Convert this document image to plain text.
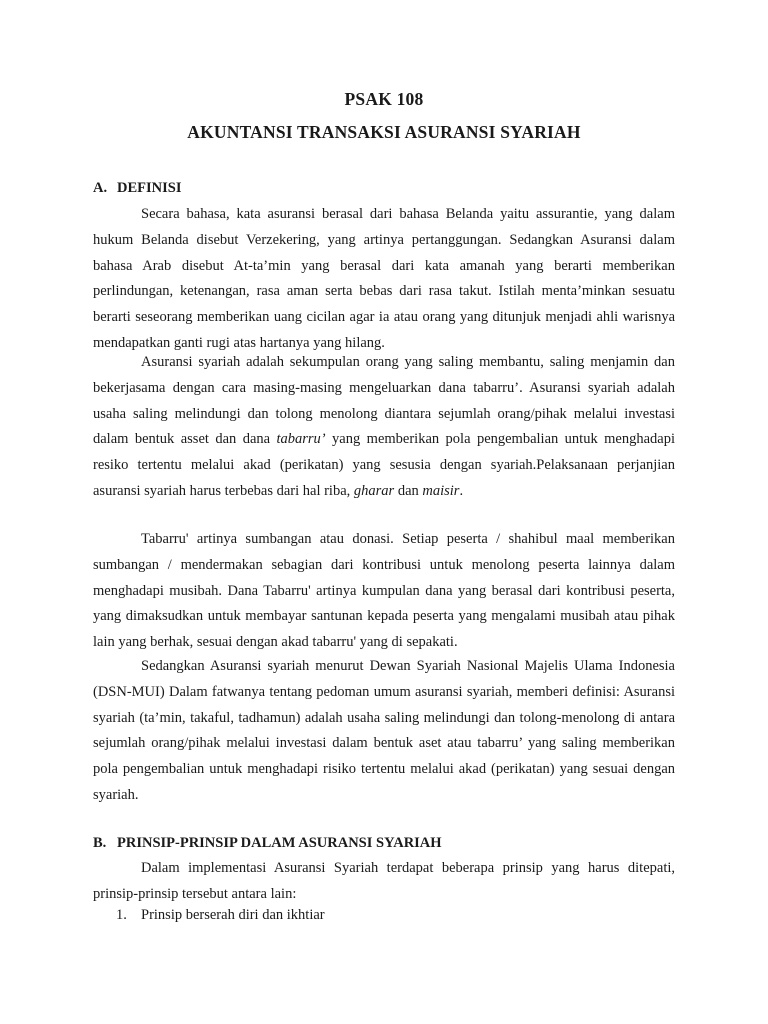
PSAK 108
AKUNTANSI TRANSAKSI ASURANSI SYARIAH
A. DEFINISI

Secara bahasa, kata asuransi berasal dari bahasa Belanda yaitu assurantie, yang dalam hukum Belanda disebut Verzekering, yang artinya pertanggungan. Sedangkan Asuransi dalam bahasa Arab disebut At-ta’min yang berasal dari kata amanah yang berarti memberikan perlindungan, ketenangan, rasa aman serta bebas dari rasa takut. Istilah menta’minkan sesuatu berarti seseorang memberikan uang cicilan agar ia atau orang yang ditunjuk menjadi ahli warisnya mendapatkan ganti rugi atas hartanya yang hilang.

Asuransi syariah adalah sekumpulan orang yang saling membantu, saling menjamin dan bekerjasama dengan cara masing-masing mengeluarkan dana tabarru’. Asuransi syariah adalah usaha saling melindungi dan tolong menolong diantara sejumlah orang/pihak melalui investasi dalam bentuk asset dan dana tabarru’ yang memberikan pola pengembalian untuk menghadapi resiko tertentu melalui akad (perikatan) yang sesusia dengan syariah.Pelaksanaan perjanjian asuransi syariah harus terbebas dari hal riba, gharar dan maisir.

Tabarru' artinya sumbangan atau donasi. Setiap peserta / shahibul maal memberikan sumbangan / mendermakan sebagian dari kontribusi untuk menolong peserta lainnya dalam menghadapi musibah. Dana Tabarru' artinya kumpulan dana yang berasal dari kontribusi peserta, yang dimaksudkan untuk membayar santunan kepada peserta yang mengalami musibah atau pihak lain yang berhak, sesuai dengan akad tabarru' yang di sepakati.

Sedangkan Asuransi syariah menurut Dewan Syariah Nasional Majelis Ulama Indonesia (DSN-MUI) Dalam fatwanya tentang pedoman umum asuransi syariah, memberi definisi: Asuransi syariah (ta’min, takaful, tadhamun) adalah usaha saling melindungi dan tolong-menolong di antara sejumlah orang/pihak melalui investasi dalam bentuk aset atau tabarru’ yang saling memberikan pola pengembalian untuk menghadapi risiko tertentu melalui akad (perikatan) yang sesuai dengan syariah.

B. PRINSIP-PRINSIP DALAM ASURANSI SYARIAH

Dalam implementasi Asuransi Syariah terdapat beberapa prinsip yang harus ditepati, prinsip-prinsip tersebut antara lain:

1. Prinsip berserah diri dan ikhtiar
